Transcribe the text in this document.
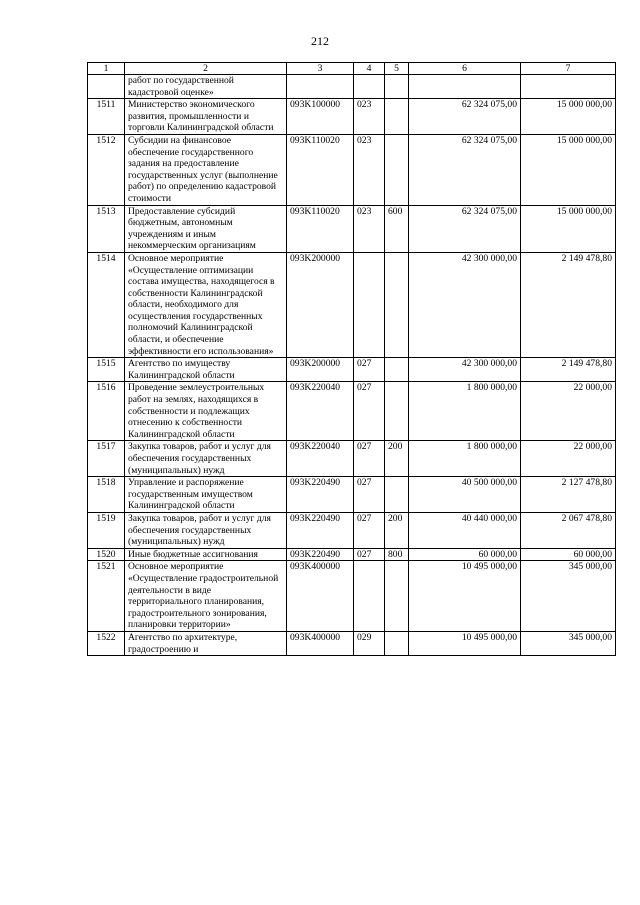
212
1	2	3	4	5	6	7
	работ по государственной кадастровой оценке»					
1511	Министерство экономического развития, промышленности и торговли Калининградской области	093K100000	023		62 324 075,00	15 000 000,00
1512	Субсидии на финансовое обеспечение государственного задания на предоставление государственных услуг (выполнение работ) по определению кадастровой стоимости	093K110020	023		62 324 075,00	15 000 000,00
1513	Предоставление субсидий бюджетным, автономным учреждениям и иным некоммерческим организациям	093K110020	023	600	62 324 075,00	15 000 000,00
1514	Основное мероприятие «Осуществление оптимизации состава имущества, находящегося в собственности Калининградской области, необходимого для осуществления государственных полномочий Калининградской области, и обеспечение эффективности его использования»	093K200000			42 300 000,00	2 149 478,80
1515	Агентство по имуществу Калининградской области	093K200000	027		42 300 000,00	2 149 478,80
1516	Проведение землеустроительных работ на землях, находящихся в собственности и подлежащих отнесению к собственности Калининградской области	093K220040	027		1 800 000,00	22 000,00
1517	Закупка товаров, работ и услуг для обеспечения государственных (муниципальных) нужд	093K220040	027	200	1 800 000,00	22 000,00
1518	Управление и распоряжение государственным имуществом Калининградской области	093K220490	027		40 500 000,00	2 127 478,80
1519	Закупка товаров, работ и услуг для обеспечения государственных (муниципальных) нужд	093K220490	027	200	40 440 000,00	2 067 478,80
1520	Иные бюджетные ассигнования	093K220490	027	800	60 000,00	60 000,00
1521	Основное мероприятие «Осуществление градостроительной деятельности в виде территориального планирования, градостроительного зонирования, планировки территории»	093K400000			10 495 000,00	345 000,00
1522	Агентство по архитектуре, градостроению и	093K400000	029		10 495 000,00	345 000,00
